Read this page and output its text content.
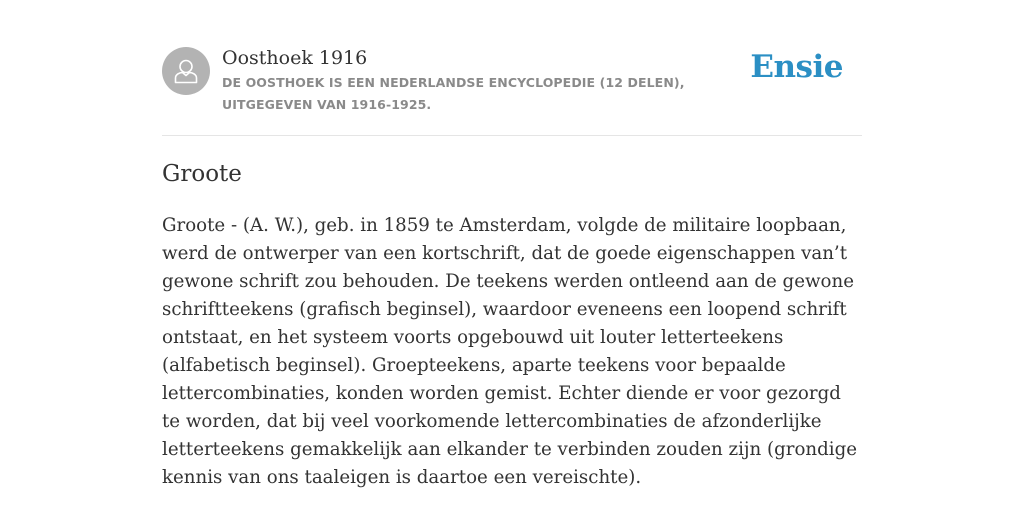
Oosthoek 1916
DE OOSTHOEK IS EEN NEDERLANDSE ENCYCLOPEDIE (12 DELEN), UITGEGEVEN VAN 1916-1925.
Ensie
Groote

Groote - (A. W.), geb. in 1859 te Amsterdam, volgde de militaire loopbaan, werd de ontwerper van een kortschrift, dat de goede eigenschappen van’t gewone schrift zou behouden. De teekens werden ontleend aan de gewone schriftteekens (grafisch beginsel), waardoor eveneens een loopend schrift ontstaat, en het systeem voorts opgebouwd uit louter letterteekens (alfabetisch beginsel). Groepteekens, aparte teekens voor bepaalde lettercombinaties, konden worden gemist. Echter diende er voor gezorgd te worden, dat bij veel voorkomende lettercombinaties de afzonderlijke letterteekens gemakkelijk aan elkander te verbinden zouden zijn (grondige kennis van ons taaleigen is daartoe een vereischte).
